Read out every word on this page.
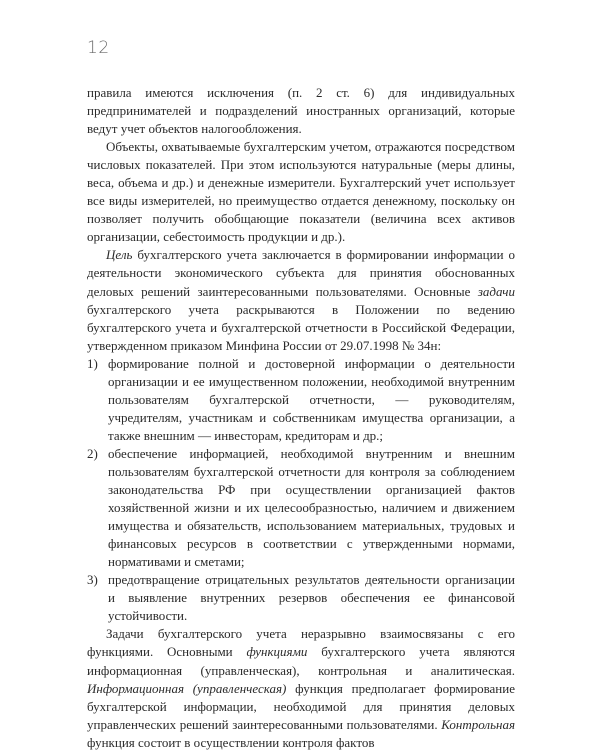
12

правила имеются исключения (п. 2 ст. 6) для индивидуальных предпринимателей и подразделений иностранных организаций, которые ведут учет объектов налогообложения.

Объекты, охватываемые бухгалтерским учетом, отражаются посредством числовых показателей. При этом используются натуральные (меры длины, веса, объема и др.) и денежные измерители. Бухгалтерский учет использует все виды измерителей, но преимущество отдается денежному, поскольку он позволяет получить обобщающие показатели (величина всех активов организации, себестоимость продукции и др.).

Цель бухгалтерского учета заключается в формировании информации о деятельности экономического субъекта для принятия обоснованных деловых решений заинтересованными пользователями. Основные задачи бухгалтерского учета раскрываются в Положении по ведению бухгалтерского учета и бухгалтерской отчетности в Российской Федерации, утвержденном приказом Минфина России от 29.07.1998 № 34н:

1) формирование полной и достоверной информации о деятельности организации и ее имущественном положении, необходимой внутренним пользователям бухгалтерской отчетности, — руководителям, учредителям, участникам и собственникам имущества организации, а также внешним — инвесторам, кредиторам и др.;
2) обеспечение информацией, необходимой внутренним и внешним пользователям бухгалтерской отчетности для контроля за соблюдением законодательства РФ при осуществлении организацией фактов хозяйственной жизни и их целесообразностью, наличием и движением имущества и обязательств, использованием материальных, трудовых и финансовых ресурсов в соответствии с утвержденными нормами, нормативами и сметами;
3) предотвращение отрицательных результатов деятельности организации и выявление внутренних резервов обеспечения ее финансовой устойчивости.

Задачи бухгалтерского учета неразрывно взаимосвязаны с его функциями. Основными функциями бухгалтерского учета являются информационная (управленческая), контрольная и аналитическая. Информационная (управленческая) функция предполагает формирование бухгалтерской информации, необходимой для принятия деловых управленческих решений заинтересованными пользователями. Контрольная функция состоит в осуществлении контроля фактов
